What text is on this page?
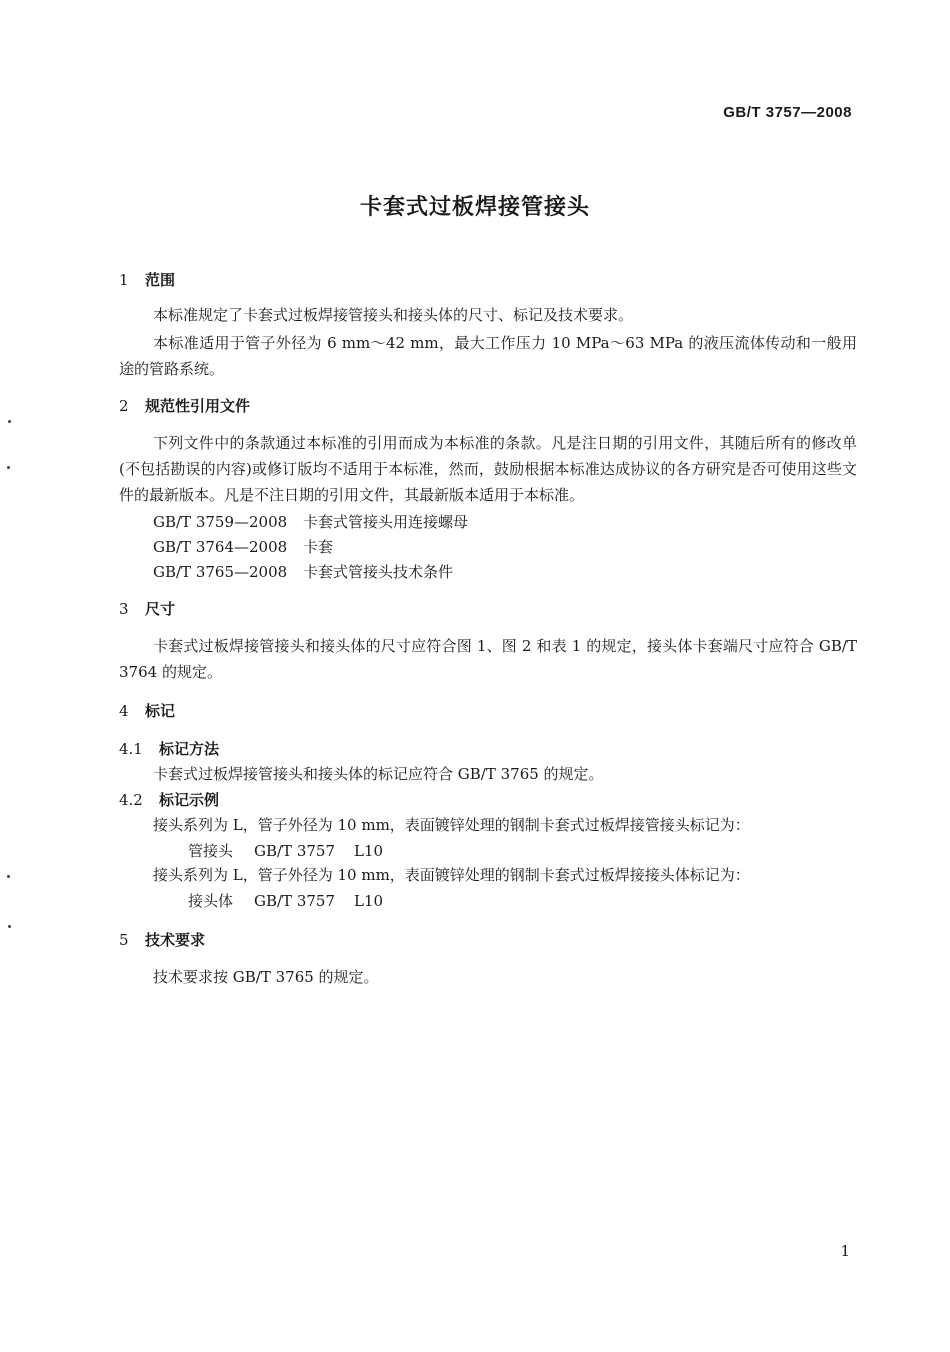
GB/T 3757—2008
卡套式过板焊接管接头
1 范围
本标准规定了卡套式过板焊接管接头和接头体的尺寸、标记及技术要求。
本标准适用于管子外径为 6 mm～42 mm，最大工作压力 10 MPa～63 MPa 的液压流体传动和一般用途的管路系统。
2 规范性引用文件
下列文件中的条款通过本标准的引用而成为本标准的条款。凡是注日期的引用文件，其随后所有的修改单(不包括勘误的内容)或修订版均不适用于本标准，然而，鼓励根据本标准达成协议的各方研究是否可使用这些文件的最新版本。凡是不注日期的引用文件，其最新版本适用于本标准。
GB/T 3759—2008 卡套式管接头用连接螺母
GB/T 3764—2008 卡套
GB/T 3765—2008 卡套式管接头技术条件
3 尺寸
卡套式过板焊接管接头和接头体的尺寸应符合图 1、图 2 和表 1 的规定，接头体卡套端尺寸应符合 GB/T 3764 的规定。
4 标记
4.1 标记方法
卡套式过板焊接管接头和接头体的标记应符合 GB/T 3765 的规定。
4.2 标记示例
接头系列为 L，管子外径为 10 mm，表面镀锌处理的钢制卡套式过板焊接管接头标记为：
管接头 GB/T 3757 L10
接头系列为 L，管子外径为 10 mm，表面镀锌处理的钢制卡套式过板焊接接头体标记为：
接头体 GB/T 3757 L10
5 技术要求
技术要求按 GB/T 3765 的规定。
1
